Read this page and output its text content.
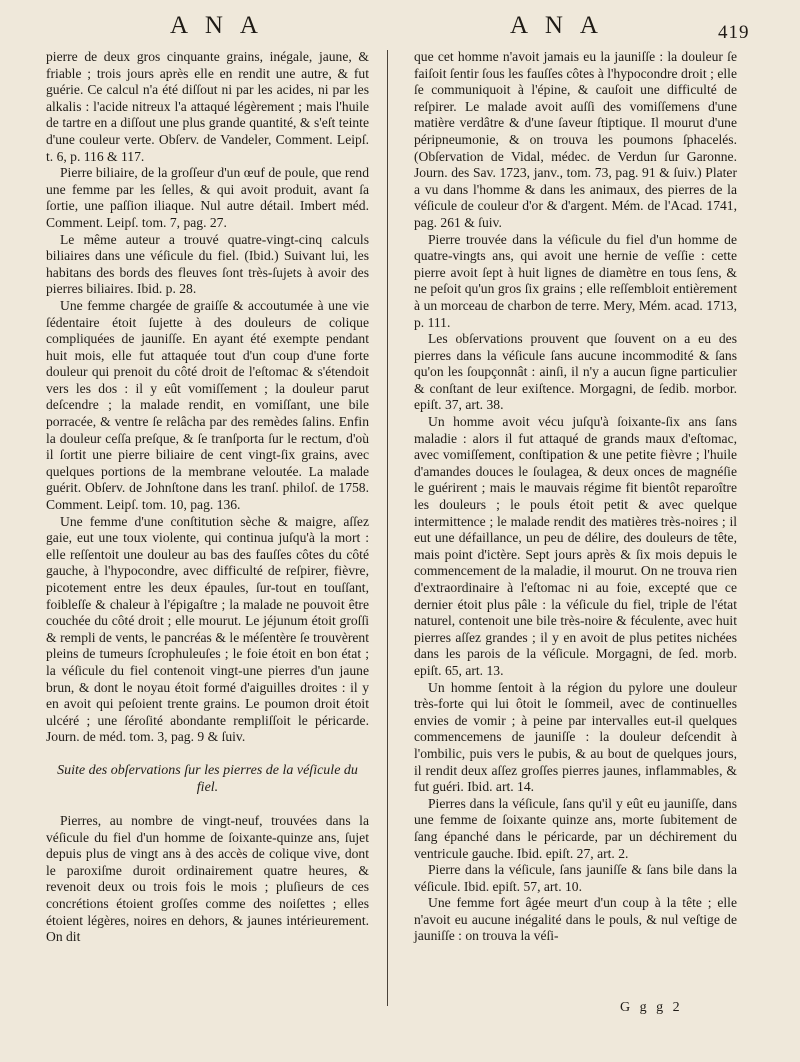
A N A	A N A	419

pierre de deux gros cinquante grains, inégale, jaune, & friable ; trois jours après elle en rendit une autre, & fut guérie. Ce calcul n'a été diſſout ni par les acides, ni par les alkalis : l'acide nitreux l'a attaqué légèrement ; mais l'huile de tartre en a diſſout une plus grande quantité, & s'eſt teinte d'une couleur verte. Obſerv. de Vandeler, Comment. Leipſ. t. 6, p. 116 & 117.

Pierre biliaire, de la groſſeur d'un œuf de poule, que rend une femme par les ſelles, & qui avoit produit, avant ſa ſortie, une paſſion iliaque. Nul autre détail. Imbert méd. Comment. Leipſ. tom. 7, pag. 27.

Le même auteur a trouvé quatre-vingt-cinq calculs biliaires dans une véſicule du fiel. (Ibid.) Suivant lui, les habitans des bords des fleuves ſont très-ſujets à avoir des pierres biliaires. Ibid. p. 28.

Une femme chargée de graiſſe & accoutumée à une vie ſédentaire étoit ſujette à des douleurs de colique compliquées de jauniſſe. En ayant été exempte pendant huit mois, elle fut attaquée tout d'un coup d'une forte douleur qui prenoit du côté droit de l'eſtomac & s'étendoit vers les dos : il y eût vomiſſement ; la douleur parut deſcendre ; la malade rendit, en vomiſſant, une bile porracée, & ventre ſe relâcha par des remèdes ſalins. Enfin la douleur ceſſa preſque, & ſe tranſporta ſur le rectum, d'où il ſortit une pierre biliaire de cent vingt-ſix grains, avec quelques portions de la membrane veloutée. La malade guérit. Obſerv. de Johnſtone dans les tranſ. philoſ. de 1758. Comment. Leipſ. tom. 10, pag. 136.

Une femme d'une conſtitution sèche & maigre, aſſez gaie, eut une toux violente, qui continua juſqu'à la mort : elle reſſentoit une douleur au bas des fauſſes côtes du côté gauche, à l'hypocondre, avec difficulté de reſpirer, fièvre, picotement entre les deux épaules, ſur-tout en touſſant, foibleſſe & chaleur à l'épigaſtre ; la malade ne pouvoit être couchée du côté droit ; elle mourut. Le jéjunum étoit groſſi & rempli de vents, le pancréas & le méſentère ſe trouvèrent pleins de tumeurs ſcrophuleuſes ; le foie étoit en bon état ; la véſicule du fiel contenoit vingt-une pierres d'un jaune brun, & dont le noyau étoit formé d'aiguilles droites : il y en avoit qui peſoient trente grains. Le poumon droit étoit ulcéré ; une ſéroſité abondante rempliſſoit le péricarde. Journ. de méd. tom. 3, pag. 9 & ſuiv.

Suite des obſervations ſur les pierres de la véſicule du fiel.

Pierres, au nombre de vingt-neuf, trouvées dans la véſicule du fiel d'un homme de ſoixante-quinze ans, ſujet depuis plus de vingt ans à des accès de colique vive, dont le paroxiſme duroit ordinairement quatre heures, & revenoit deux ou trois fois le mois ; pluſieurs de ces concrétions étoient groſſes comme des noiſettes ; elles étoient légères, noires en dehors, & jaunes intérieurement. On dit

que cet homme n'avoit jamais eu la jauniſſe : la douleur ſe faiſoit ſentir ſous les fauſſes côtes à l'hypocondre droit ; elle ſe communiquoit à l'épine, & cauſoit une difficulté de reſpirer. Le malade avoit auſſi des vomiſſemens d'une matière verdâtre & d'une ſaveur ſtiptique. Il mourut d'une péripneumonie, & on trouva les poumons ſphacelés. (Obſervation de Vidal, médec. de Verdun ſur Garonne. Journ. des Sav. 1723, janv., tom. 73, pag. 91 & ſuiv.) Plater a vu dans l'homme & dans les animaux, des pierres de la véſicule de couleur d'or & d'argent. Mém. de l'Acad. 1741, pag. 261 & ſuiv.

Pierre trouvée dans la véſicule du fiel d'un homme de quatre-vingts ans, qui avoit une hernie de veſſie : cette pierre avoit ſept à huit lignes de diamètre en tous ſens, & ne peſoit qu'un gros ſix grains ; elle reſſembloit entièrement à un morceau de charbon de terre. Mery, Mém. acad. 1713, p. 111.

Les obſervations prouvent que ſouvent on a eu des pierres dans la véſicule ſans aucune incommodité & ſans qu'on les ſoupçonnât : ainſi, il n'y a aucun ſigne particulier & conſtant de leur exiſtence. Morgagni, de ſedib. morbor. epiſt. 37, art. 38.

Un homme avoit vécu juſqu'à ſoixante-ſix ans ſans maladie : alors il fut attaqué de grands maux d'eſtomac, avec vomiſſement, conſtipation & une petite fièvre ; l'huile d'amandes douces le ſoulagea, & deux onces de magnéſie le guérirent ; mais le mauvais régime fit bientôt reparoître les douleurs ; le pouls étoit petit & avec quelque intermittence ; le malade rendit des matières très-noires ; il eut une défaillance, un peu de délire, des douleurs de tête, mais point d'ictère. Sept jours après & ſix mois depuis le commencement de la maladie, il mourut. On ne trouva rien d'extraordinaire à l'eſtomac ni au foie, excepté que ce dernier étoit plus pâle : la véſicule du fiel, triple de l'état naturel, contenoit une bile très-noire & féculente, avec huit pierres aſſez grandes ; il y en avoit de plus petites nichées dans les parois de la véſicule. Morgagni, de ſed. morb. epiſt. 65, art. 13.

Un homme ſentoit à la région du pylore une douleur très-forte qui lui ôtoit le ſommeil, avec de continuelles envies de vomir ; à peine par intervalles eut-il quelques commencemens de jauniſſe : la douleur deſcendit à l'ombilic, puis vers le pubis, & au bout de quelques jours, il rendit deux aſſez groſſes pierres jaunes, inflammables, & fut guéri. Ibid. art. 14.

Pierres dans la véſicule, ſans qu'il y eût eu jauniſſe, dans une femme de ſoixante quinze ans, morte ſubitement de ſang épanché dans le péricarde, par un déchirement du ventricule gauche. Ibid. epiſt. 27, art. 2.

Pierre dans la véſicule, ſans jauniſſe & ſans bile dans la véſicule. Ibid. epiſt. 57, art. 10.

Une femme fort âgée meurt d'un coup à la tête ; elle n'avoit eu aucune inégalité dans le pouls, & nul veſtige de jauniſſe : on trouva la véſi-

G g g 2
